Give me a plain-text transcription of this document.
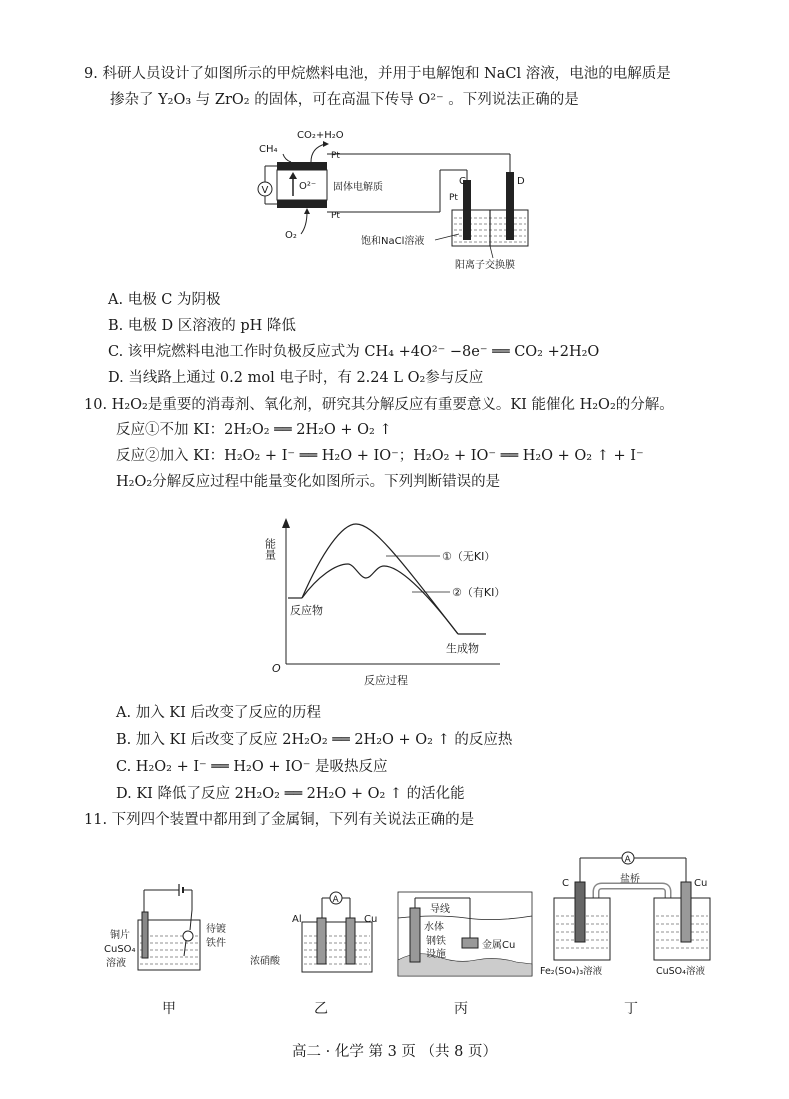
9. 科研人员设计了如图所示的甲烷燃料电池，并用于电解饱和 NaCl 溶液，电池的电解质是
掺杂了 Y₂O₃ 与 ZrO₂ 的固体，可在高温下传导 O²⁻ 。下列说法正确的是
O²⁻
CH₄
CO₂+H₂O
Pt
Pt
固体电解质
O₂
V
C	D
Pt
饱和NaCl溶液
阳离子交换膜
A. 电极 C 为阴极
B. 电极 D 区溶液的 pH 降低
C. 该甲烷燃料电池工作时负极反应式为 CH₄ +4O²⁻ −8e⁻ ══ CO₂ +2H₂O
D. 当线路上通过 0.2 mol 电子时，有 2.24 L O₂参与反应
10. H₂O₂是重要的消毒剂、氧化剂，研究其分解反应有重要意义。KI 能催化 H₂O₂的分解。
反应①不加 KI：2H₂O₂ ══ 2H₂O + O₂ ↑
反应②加入 KI：H₂O₂ + I⁻ ══ H₂O + IO⁻；H₂O₂ + IO⁻ ══ H₂O + O₂ ↑ + I⁻
H₂O₂分解反应过程中能量变化如图所示。下列判断错误的是
能量
O
反应过程
反应物
生成物
①（无KI）
②（有KI）
A. 加入 KI 后改变了反应的历程
B. 加入 KI 后改变了反应 2H₂O₂ ══ 2H₂O + O₂ ↑ 的反应热
C. H₂O₂ + I⁻ ══ H₂O + IO⁻ 是吸热反应
D. KI 降低了反应 2H₂O₂ ══ 2H₂O + O₂ ↑ 的活化能
11. 下列四个装置中都用到了金属铜，下列有关说法正确的是
铜片
CuSO₄
溶液
待镀
铁件
甲
A
Al	Cu
浓硝酸
乙
导线
水体
钢铁
设施
金属Cu
丙
A
C	Cu
盐桥
Fe₂(SO₄)₃溶液	CuSO₄溶液
丁
高二 · 化学 第 3 页 （共 8 页）
